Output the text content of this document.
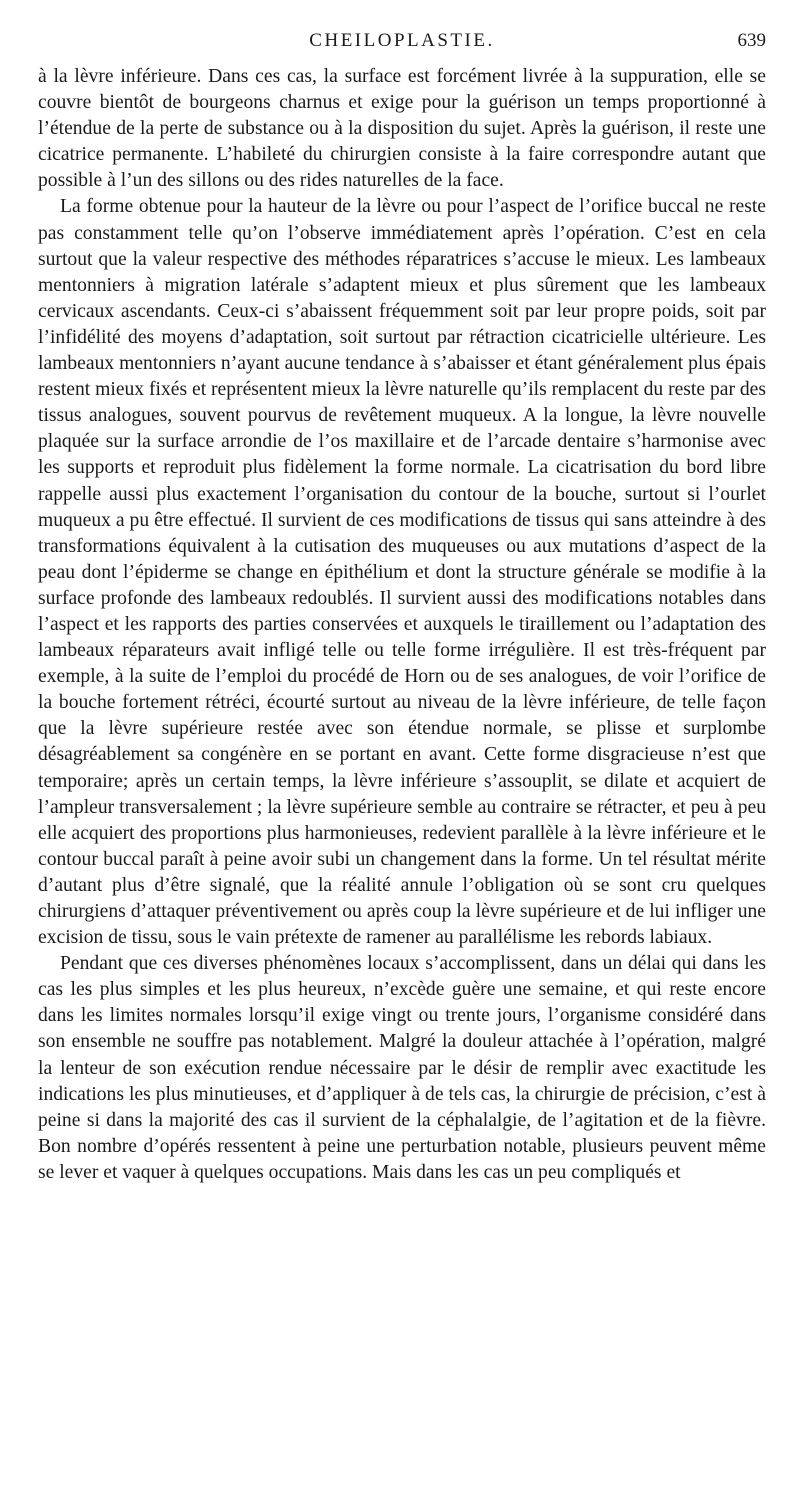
CHEILOPLASTIE.	639

à la lèvre inférieure. Dans ces cas, la surface est forcément livrée à la suppuration, elle se couvre bientôt de bourgeons charnus et exige pour la guérison un temps proportionné à l’étendue de la perte de substance ou à la disposition du sujet. Après la guérison, il reste une cicatrice permanente. L’habileté du chirurgien consiste à la faire correspondre autant que possible à l’un des sillons ou des rides naturelles de la face.

La forme obtenue pour la hauteur de la lèvre ou pour l’aspect de l’orifice buccal ne reste pas constamment telle qu’on l’observe immédiatement après l’opération. C’est en cela surtout que la valeur respective des méthodes réparatrices s’accuse le mieux. Les lambeaux mentonniers à migration latérale s’adaptent mieux et plus sûrement que les lambeaux cervicaux ascendants. Ceux-ci s’abaissent fréquemment soit par leur propre poids, soit par l’infidélité des moyens d’adaptation, soit surtout par rétraction cicatricielle ultérieure. Les lambeaux mentonniers n’ayant aucune tendance à s’abaisser et étant généralement plus épais restent mieux fixés et représentent mieux la lèvre naturelle qu’ils remplacent du reste par des tissus analogues, souvent pourvus de revêtement muqueux. A la longue, la lèvre nouvelle plaquée sur la surface arrondie de l’os maxillaire et de l’arcade dentaire s’harmonise avec les supports et reproduit plus fidèlement la forme normale. La cicatrisation du bord libre rappelle aussi plus exactement l’organisation du contour de la bouche, surtout si l’ourlet muqueux a pu être effectué. Il survient de ces modifications de tissus qui sans atteindre à des transformations équivalent à la cutisation des muqueuses ou aux mutations d’aspect de la peau dont l’épiderme se change en épithélium et dont la structure générale se modifie à la surface profonde des lambeaux redoublés. Il survient aussi des modifications notables dans l’aspect et les rapports des parties conservées et auxquels le tiraillement ou l’adaptation des lambeaux réparateurs avait infligé telle ou telle forme irrégulière. Il est très-fréquent par exemple, à la suite de l’emploi du procédé de Horn ou de ses analogues, de voir l’orifice de la bouche fortement rétréci, écourté surtout au niveau de la lèvre inférieure, de telle façon que la lèvre supérieure restée avec son étendue normale, se plisse et surplombe désagréablement sa congénère en se portant en avant. Cette forme disgracieuse n’est que temporaire; après un certain temps, la lèvre inférieure s’assouplit, se dilate et acquiert de l’ampleur transversalement ; la lèvre supérieure semble au contraire se rétracter, et peu à peu elle acquiert des proportions plus harmonieuses, redevient parallèle à la lèvre inférieure et le contour buccal paraît à peine avoir subi un changement dans la forme. Un tel résultat mérite d’autant plus d’être signalé, que la réalité annule l’obligation où se sont cru quelques chirurgiens d’attaquer préventivement ou après coup la lèvre supérieure et de lui infliger une excision de tissu, sous le vain prétexte de ramener au parallélisme les rebords labiaux.

Pendant que ces diverses phénomènes locaux s’accomplissent, dans un délai qui dans les cas les plus simples et les plus heureux, n’excède guère une semaine, et qui reste encore dans les limites normales lorsqu’il exige vingt ou trente jours, l’organisme considéré dans son ensemble ne souffre pas notablement. Malgré la douleur attachée à l’opération, malgré la lenteur de son exécution rendue nécessaire par le désir de remplir avec exactitude les indications les plus minutieuses, et d’appliquer à de tels cas, la chirurgie de précision, c’est à peine si dans la majorité des cas il survient de la céphalalgie, de l’agitation et de la fièvre. Bon nombre d’opérés ressentent à peine une perturbation notable, plusieurs peuvent même se lever et vaquer à quelques occupations. Mais dans les cas un peu compliqués et
